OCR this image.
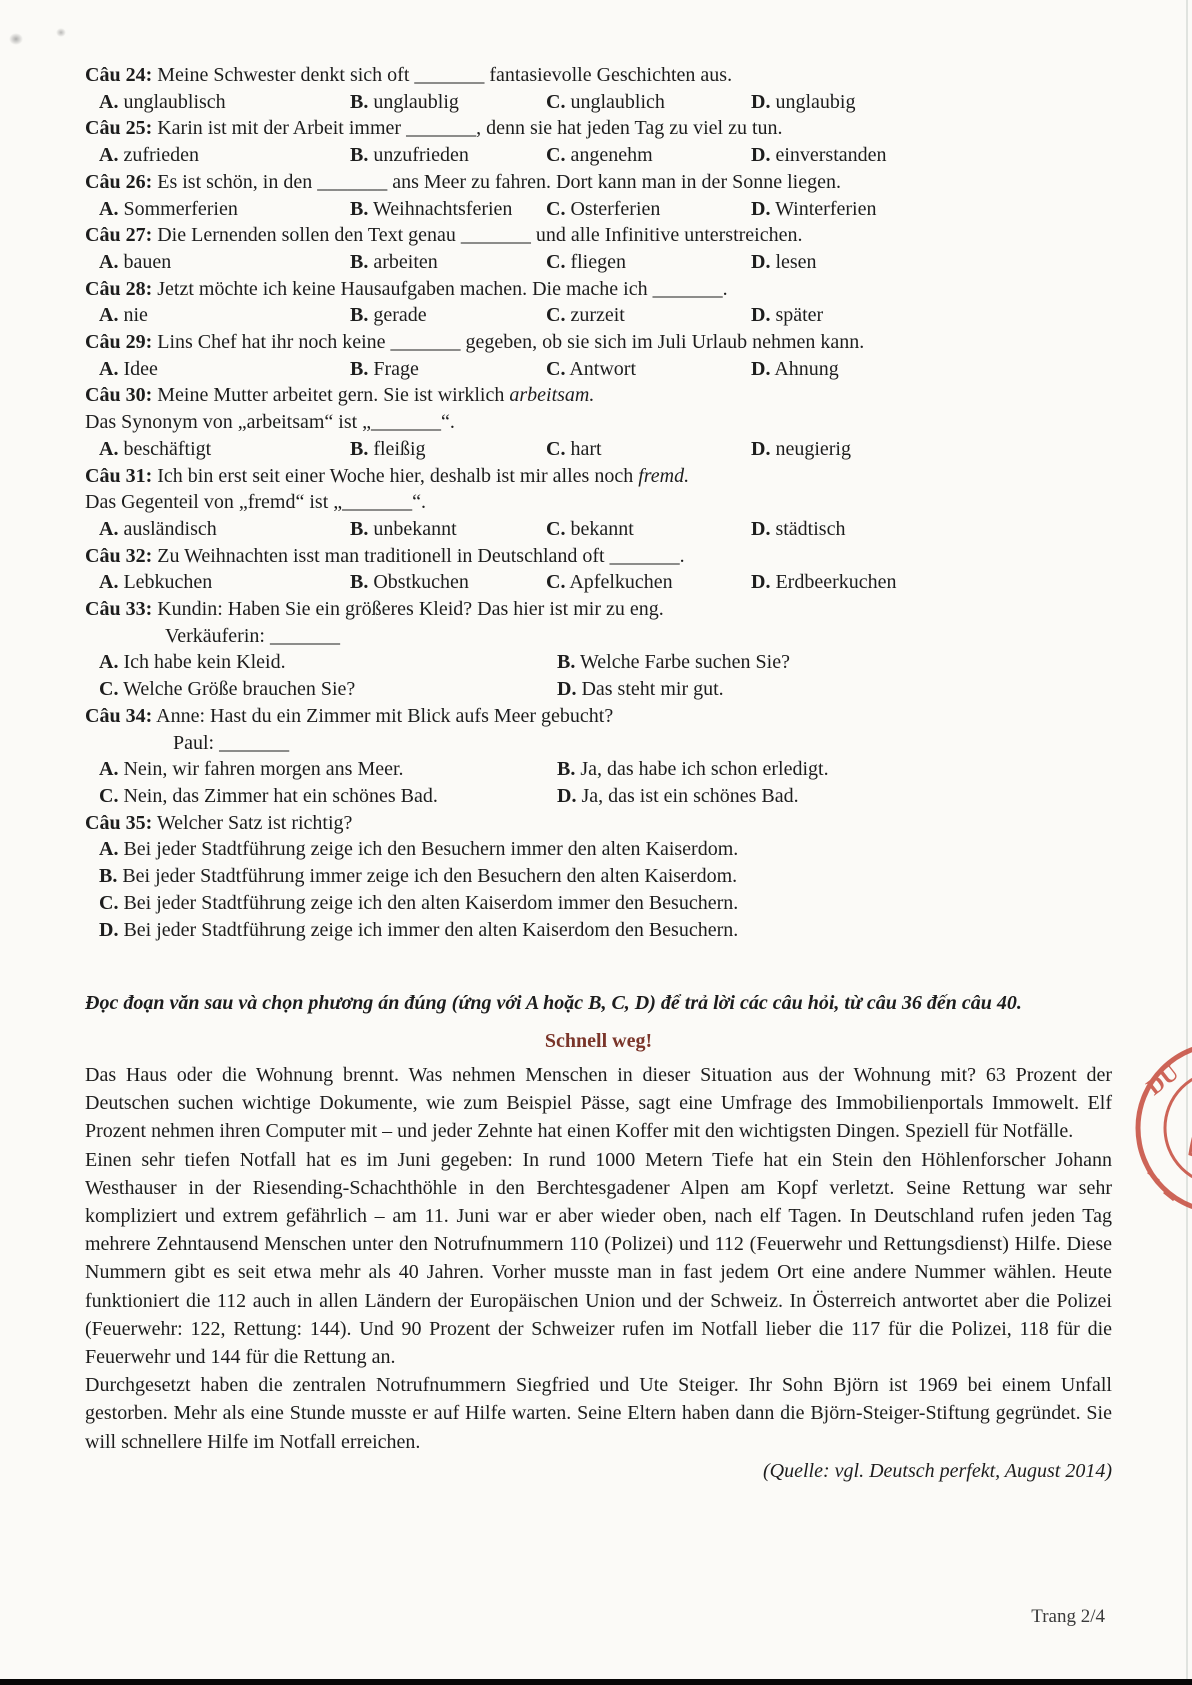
Câu 24: Meine Schwester denkt sich oft _______ fantasievolle Geschichten aus.
A. unglaublisch	B. unglaublig	C. unglaublich	D. unglaubig
Câu 25: Karin ist mit der Arbeit immer _______, denn sie hat jeden Tag zu viel zu tun.
A. zufrieden	B. unzufrieden	C. angenehm	D. einverstanden
Câu 26: Es ist schön, in den _______ ans Meer zu fahren. Dort kann man in der Sonne liegen.
A. Sommerferien	B. Weihnachtsferien	C. Osterferien	D. Winterferien
Câu 27: Die Lernenden sollen den Text genau _______ und alle Infinitive unterstreichen.
A. bauen	B. arbeiten	C. fliegen	D. lesen
Câu 28: Jetzt möchte ich keine Hausaufgaben machen. Die mache ich _______.
A. nie	B. gerade	C. zurzeit	D. später
Câu 29: Lins Chef hat ihr noch keine _______ gegeben, ob sie sich im Juli Urlaub nehmen kann.
A. Idee	B. Frage	C. Antwort	D. Ahnung
Câu 30: Meine Mutter arbeitet gern. Sie ist wirklich arbeitsam.
Das Synonym von „arbeitsam“ ist „_______“.
A. beschäftigt	B. fleißig	C. hart	D. neugierig
Câu 31: Ich bin erst seit einer Woche hier, deshalb ist mir alles noch fremd.
Das Gegenteil von „fremd“ ist „_______“.
A. ausländisch	B. unbekannt	C. bekannt	D. städtisch
Câu 32: Zu Weihnachten isst man traditionell in Deutschland oft _______.
A. Lebkuchen	B. Obstkuchen	C. Apfelkuchen	D. Erdbeerkuchen
Câu 33: Kundin: Haben Sie ein größeres Kleid? Das hier ist mir zu eng.
Verkäuferin: _______
A. Ich habe kein Kleid.	B. Welche Farbe suchen Sie?
C. Welche Größe brauchen Sie?	D. Das steht mir gut.
Câu 34: Anne: Hast du ein Zimmer mit Blick aufs Meer gebucht?
Paul: _______
A. Nein, wir fahren morgen ans Meer.	B. Ja, das habe ich schon erledigt.
C. Nein, das Zimmer hat ein schönes Bad.	D. Ja, das ist ein schönes Bad.
Câu 35: Welcher Satz ist richtig?
A. Bei jeder Stadtführung zeige ich den Besuchern immer den alten Kaiserdom.
B. Bei jeder Stadtführung immer zeige ich den Besuchern den alten Kaiserdom.
C. Bei jeder Stadtführung zeige ich den alten Kaiserdom immer den Besuchern.
D. Bei jeder Stadtführung zeige ich immer den alten Kaiserdom den Besuchern.
Đọc đoạn văn sau và chọn phương án đúng (ứng với A hoặc B, C, D) để trả lời các câu hỏi, từ câu 36 đến câu 40.
Schnell weg!

Das Haus oder die Wohnung brennt. Was nehmen Menschen in dieser Situation aus der Wohnung mit? 63 Prozent der Deutschen suchen wichtige Dokumente, wie zum Beispiel Pässe, sagt eine Umfrage des Immobilienportals Immowelt. Elf Prozent nehmen ihren Computer mit – und jeder Zehnte hat einen Koffer mit den wichtigsten Dingen. Speziell für Notfälle.

Einen sehr tiefen Notfall hat es im Juni gegeben: In rund 1000 Metern Tiefe hat ein Stein den Höhlenforscher Johann Westhauser in der Riesending-Schachthöhle in den Berchtesgadener Alpen am Kopf verletzt. Seine Rettung war sehr kompliziert und extrem gefährlich – am 11. Juni war er aber wieder oben, nach elf Tagen. In Deutschland rufen jeden Tag mehrere Zehntausend Menschen unter den Notrufnummern 110 (Polizei) und 112 (Feuerwehr und Rettungsdienst) Hilfe. Diese Nummern gibt es seit etwa mehr als 40 Jahren. Vorher musste man in fast jedem Ort eine andere Nummer wählen. Heute funktioniert die 112 auch in allen Ländern der Europäischen Union und der Schweiz. In Österreich antwortet aber die Polizei (Feuerwehr: 122, Rettung: 144). Und 90 Prozent der Schweizer rufen im Notfall lieber die 117 für die Polizei, 118 für die Feuerwehr und 144 für die Rettung an.

Durchgesetzt haben die zentralen Notrufnummern Siegfried und Ute Steiger. Ihr Sohn Björn ist 1969 bei einem Unfall gestorben. Mehr als eine Stunde musste er auf Hilfe warten. Seine Eltern haben dann die Björn-Steiger-Stiftung gegründet. Sie will schnellere Hilfe im Notfall erreichen.

(Quelle: vgl. Deutsch perfekt, August 2014)
Trang 2/4
DU
